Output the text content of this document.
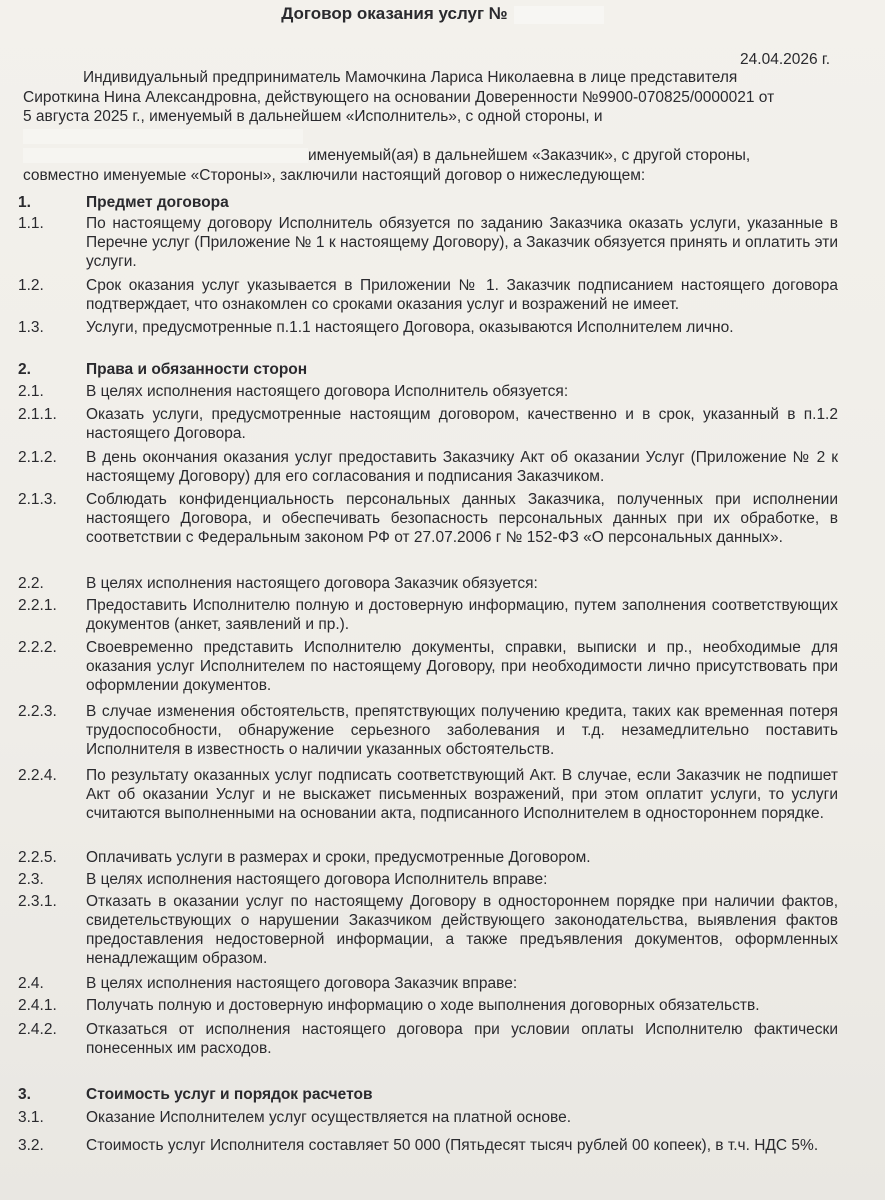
Договор оказания услуг №
24.04.2026 г.

Индивидуальный предприниматель Мамочкина Лариса Николаевна в лице представителя

Сироткина Нина Александровна, действующего на основании Доверенности №9900-070825/0000021 от

5 августа 2025 г., именуемый в дальнейшем «Исполнитель», с одной стороны, и

именуемый(ая) в дальнейшем «Заказчик», с другой стороны,

совместно именуемые «Стороны», заключили настоящий договор о нижеследующем:

1.	Предмет договора
1.1.	По настоящему договору Исполнитель обязуется по заданию Заказчика оказать услуги, указанные в Перечне услуг (Приложение № 1 к настоящему Договору), а Заказчик обязуется принять и оплатить эти услуги.
1.2.	Срок оказания услуг указывается в Приложении № 1. Заказчик подписанием настоящего договора подтверждает, что ознакомлен со сроками оказания услуг и возражений не имеет.
1.3.	Услуги, предусмотренные п.1.1 настоящего Договора, оказываются Исполнителем лично.
2.	Права и обязанности сторон
2.1.	В целях исполнения настоящего договора Исполнитель обязуется:
2.1.1. Оказать услуги, предусмотренные настоящим договором, качественно и в срок, указанный в п.1.2 настоящего Договора.
2.1.2. В день окончания оказания услуг предоставить Заказчику Акт об оказании Услуг (Приложение № 2 к настоящему Договору) для его согласования и подписания Заказчиком.
2.1.3. Соблюдать конфиденциальность персональных данных Заказчика, полученных при исполнении настоящего Договора, и обеспечивать безопасность персональных данных при их обработке, в соответствии с Федеральным законом РФ от 27.07.2006 г № 152-ФЗ «О персональных данных».
2.2.	В целях исполнения настоящего договора Заказчик обязуется:
2.2.1. Предоставить Исполнителю полную и достоверную информацию, путем заполнения соответствующих документов (анкет, заявлений и пр.).
2.2.2. Своевременно представить Исполнителю документы, справки, выписки и пр., необходимые для оказания услуг Исполнителем по настоящему Договору, при необходимости лично присутствовать при оформлении документов.
2.2.3. В случае изменения обстоятельств, препятствующих получению кредита, таких как временная потеря трудоспособности, обнаружение серьезного заболевания и т.д. незамедлительно поставить Исполнителя в известность о наличии указанных обстоятельств.
2.2.4. По результату оказанных услуг подписать соответствующий Акт. В случае, если Заказчик не подпишет Акт об оказании Услуг и не выскажет письменных возражений, при этом оплатит услуги, то услуги считаются выполненными на основании акта, подписанного Исполнителем в одностороннем порядке.
2.2.5. Оплачивать услуги в размерах и сроки, предусмотренные Договором.
2.3.	В целях исполнения настоящего договора Исполнитель вправе:
2.3.1. Отказать в оказании услуг по настоящему Договору в одностороннем порядке при наличии фактов, свидетельствующих о нарушении Заказчиком действующего законодательства, выявления фактов предоставления недостоверной информации, а также предъявления документов, оформленных ненадлежащим образом.
2.4.	В целях исполнения настоящего договора Заказчик вправе:
2.4.1. Получать полную и достоверную информацию о ходе выполнения договорных обязательств.
2.4.2. Отказаться от исполнения настоящего договора при условии оплаты Исполнителю фактически понесенных им расходов.
3.	Стоимость услуг и порядок расчетов
3.1.	Оказание Исполнителем услуг осуществляется на платной основе.
3.2.	Стоимость услуг Исполнителя составляет 50 000 (Пятьдесят тысяч рублей 00 копеек), в т.ч. НДС 5%.
